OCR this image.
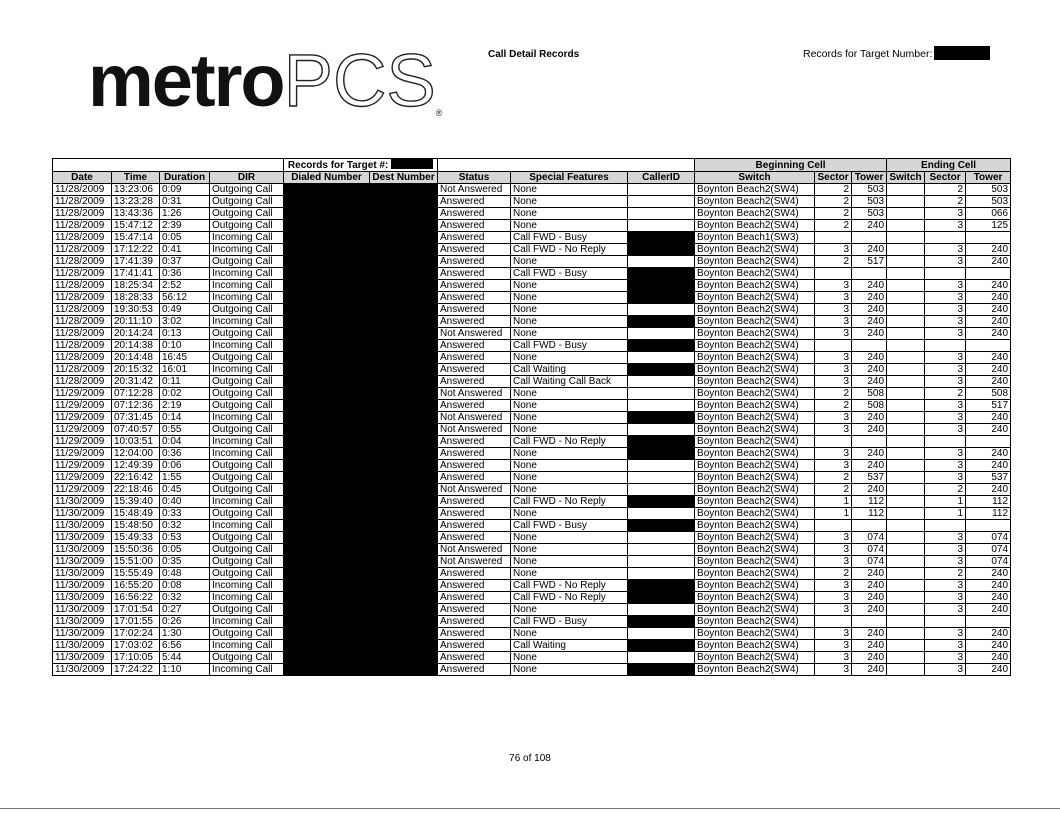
metroPCS®
Call Detail Records	Records for Target Number:
				Records for Target #:					Beginning Cell			Ending Cell		
Date	Time	Duration	DIR	Dialed Number	Dest Number	Status	Special Features	CallerID	Switch	Sector	Tower	Switch	Sector	Tower
11/28/2009	13:23:06	0:09	Outgoing Call			Not Answered	None		Boynton Beach2(SW4)	2	503		2	503
11/28/2009	13:23:28	0:31	Outgoing Call			Answered	None		Boynton Beach2(SW4)	2	503		2	503
11/28/2009	13:43:36	1:26	Outgoing Call			Answered	None		Boynton Beach2(SW4)	2	503		3	066
11/28/2009	15:47:12	2:39	Outgoing Call			Answered	None		Boynton Beach2(SW4)	2	240		3	125
11/28/2009	15:47:14	0:05	Incoming Call			Answered	Call FWD - Busy		Boynton Beach1(SW3)					
11/28/2009	17:12:22	0:41	Incoming Call			Answered	Call FWD - No Reply		Boynton Beach2(SW4)	3	240		3	240
11/28/2009	17:41:39	0:37	Outgoing Call			Answered	None		Boynton Beach2(SW4)	2	517		3	240
11/28/2009	17:41:41	0:36	Incoming Call			Answered	Call FWD - Busy		Boynton Beach2(SW4)					
11/28/2009	18:25:34	2:52	Incoming Call			Answered	None		Boynton Beach2(SW4)	3	240		3	240
11/28/2009	18:28:33	56:12	Incoming Call			Answered	None		Boynton Beach2(SW4)	3	240		3	240
11/28/2009	19:30:53	0:49	Outgoing Call			Answered	None		Boynton Beach2(SW4)	3	240		3	240
11/28/2009	20:11:10	3:02	Incoming Call			Answered	None		Boynton Beach2(SW4)	3	240		3	240
11/28/2009	20:14:24	0:13	Outgoing Call			Not Answered	None		Boynton Beach2(SW4)	3	240		3	240
11/28/2009	20:14:38	0:10	Incoming Call			Answered	Call FWD - Busy		Boynton Beach2(SW4)					
11/28/2009	20:14:48	16:45	Outgoing Call			Answered	None		Boynton Beach2(SW4)	3	240		3	240
11/28/2009	20:15:32	16:01	Incoming Call			Answered	Call Waiting		Boynton Beach2(SW4)	3	240		3	240
11/28/2009	20:31:42	0:11	Outgoing Call			Answered	Call Waiting Call Back		Boynton Beach2(SW4)	3	240		3	240
11/29/2009	07:12:28	0:02	Outgoing Call			Not Answered	None		Boynton Beach2(SW4)	2	508		2	508
11/29/2009	07:12:36	2:19	Outgoing Call			Answered	None		Boynton Beach2(SW4)	2	508		3	517
11/29/2009	07:31:45	0:14	Incoming Call			Not Answered	None		Boynton Beach2(SW4)	3	240		3	240
11/29/2009	07:40:57	0:55	Outgoing Call			Not Answered	None		Boynton Beach2(SW4)	3	240		3	240
11/29/2009	10:03:51	0:04	Incoming Call			Answered	Call FWD - No Reply		Boynton Beach2(SW4)					
11/29/2009	12:04:00	0:36	Incoming Call			Answered	None		Boynton Beach2(SW4)	3	240		3	240
11/29/2009	12:49:39	0:06	Outgoing Call			Answered	None		Boynton Beach2(SW4)	3	240		3	240
11/29/2009	22:16:42	1:55	Outgoing Call			Answered	None		Boynton Beach2(SW4)	2	537		3	537
11/29/2009	22:18:46	0:45	Outgoing Call			Not Answered	None		Boynton Beach2(SW4)	2	240		2	240
11/30/2009	15:39:40	0:40	Incoming Call			Answered	Call FWD - No Reply		Boynton Beach2(SW4)	1	112		1	112
11/30/2009	15:48:49	0:33	Outgoing Call			Answered	None		Boynton Beach2(SW4)	1	112		1	112
11/30/2009	15:48:50	0:32	Incoming Call			Answered	Call FWD - Busy		Boynton Beach2(SW4)					
11/30/2009	15:49:33	0:53	Outgoing Call			Answered	None		Boynton Beach2(SW4)	3	074		3	074
11/30/2009	15:50:36	0:05	Outgoing Call			Not Answered	None		Boynton Beach2(SW4)	3	074		3	074
11/30/2009	15:51:00	0:35	Outgoing Call			Not Answered	None		Boynton Beach2(SW4)	3	074		3	074
11/30/2009	15:55:49	0:48	Outgoing Call			Answered	None		Boynton Beach2(SW4)	2	240		2	240
11/30/2009	16:55:20	0:08	Incoming Call			Answered	Call FWD - No Reply		Boynton Beach2(SW4)	3	240		3	240
11/30/2009	16:56:22	0:32	Incoming Call			Answered	Call FWD - No Reply		Boynton Beach2(SW4)	3	240		3	240
11/30/2009	17:01:54	0:27	Outgoing Call			Answered	None		Boynton Beach2(SW4)	3	240		3	240
11/30/2009	17:01:55	0:26	Incoming Call			Answered	Call FWD - Busy		Boynton Beach2(SW4)					
11/30/2009	17:02:24	1:30	Outgoing Call			Answered	None		Boynton Beach2(SW4)	3	240		3	240
11/30/2009	17:03:02	6:56	Incoming Call			Answered	Call Waiting		Boynton Beach2(SW4)	3	240		3	240
11/30/2009	17:10:05	5:44	Outgoing Call			Answered	None		Boynton Beach2(SW4)	3	240		3	240
11/30/2009	17:24:22	1:10	Incoming Call			Answered	None		Boynton Beach2(SW4)	3	240		3	240
76 of 108
